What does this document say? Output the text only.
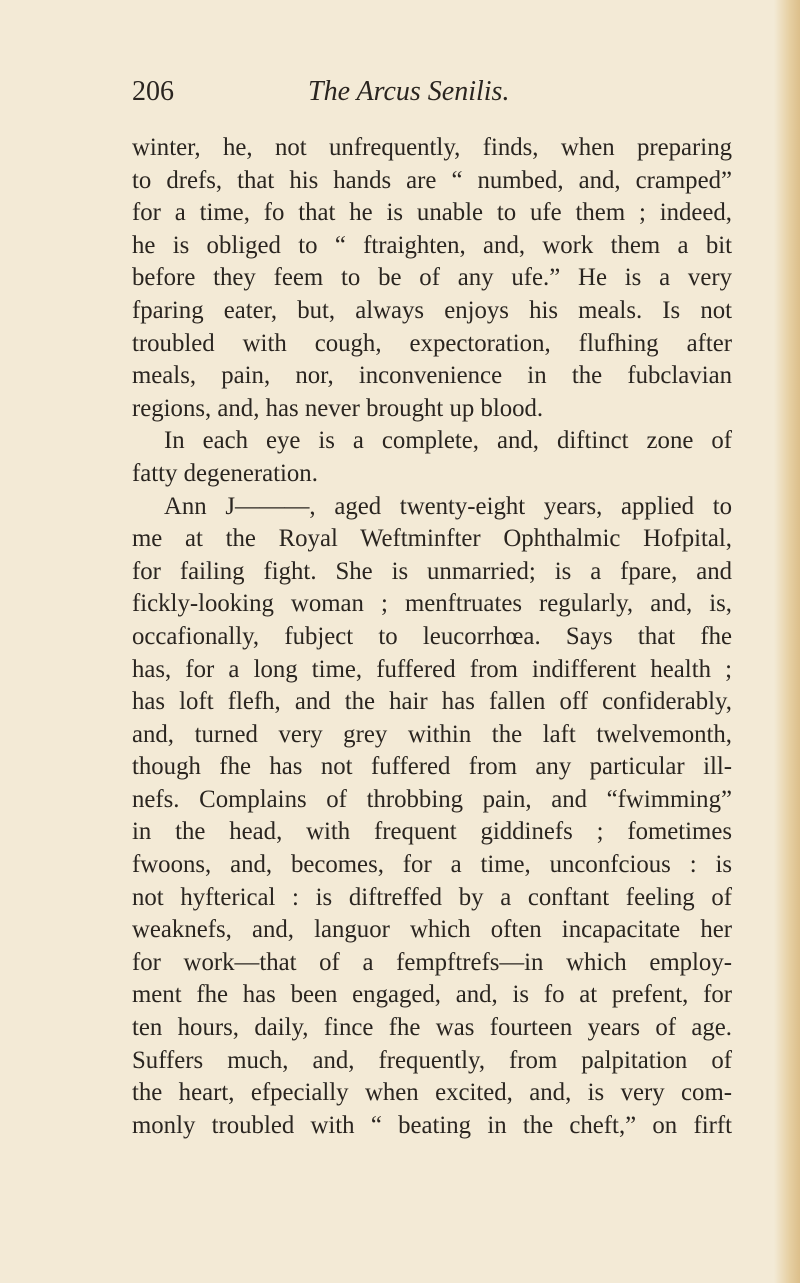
206	The Arcus Senilis.
winter, he, not unfrequently, finds, when preparing
to drefs, that his hands are “ numbed, and, cramped”
for a time, fo that he is unable to ufe them ; indeed,
he is obliged to “ ftraighten, and, work them a bit
before they feem to be of any ufe.” He is a very
fparing eater, but, always enjoys his meals. Is not
troubled with cough, expectoration, flufhing after
meals, pain, nor, inconvenience in the fubclavian
regions, and, has never brought up blood.
In each eye is a complete, and, diftinct zone of
fatty degeneration.
Ann J———, aged twenty-eight years, applied to
me at the Royal Weftminfter Ophthalmic Hofpital,
for failing fight. She is unmarried; is a fpare, and
fickly-looking woman ; menftruates regularly, and, is,
occafionally, fubject to leucorrhœa. Says that fhe
has, for a long time, fuffered from indifferent health ;
has loft flefh, and the hair has fallen off confiderably,
and, turned very grey within the laft twelvemonth,
though fhe has not fuffered from any particular ill-
nefs. Complains of throbbing pain, and “fwimming”
in the head, with frequent giddinefs ; fometimes
fwoons, and, becomes, for a time, unconfcious : is
not hyfterical : is diftreffed by a conftant feeling of
weaknefs, and, languor which often incapacitate her
for work—that of a fempftrefs—in which employ-
ment fhe has been engaged, and, is fo at prefent, for
ten hours, daily, fince fhe was fourteen years of age.
Suffers much, and, frequently, from palpitation of
the heart, efpecially when excited, and, is very com-
monly troubled with “ beating in the cheft,” on firft
